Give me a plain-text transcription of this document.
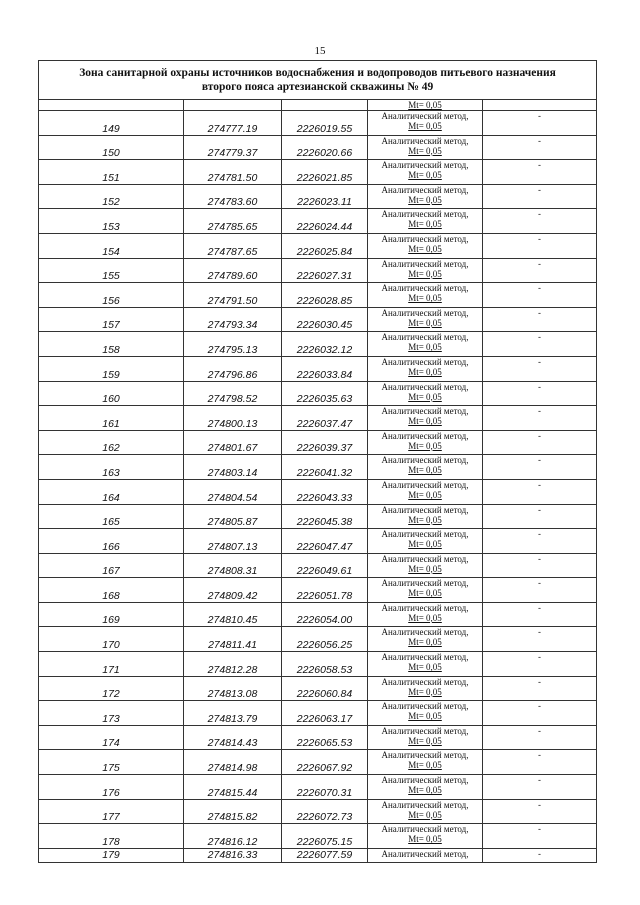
15
Зона санитарной охраны источников водоснабжения и водопроводов питьевого назначения
второго пояса артезианской скважины № 49				

			Mt= 0,05	

149	274777.19	2226019.55	Аналитический метод,
Mt= 0,05	-
150	274779.37	2226020.66	Аналитический метод,
Mt= 0,05	-
151	274781.50	2226021.85	Аналитический метод,
Mt= 0,05	-
152	274783.60	2226023.11	Аналитический метод,
Mt= 0,05	-
153	274785.65	2226024.44	Аналитический метод,
Mt= 0,05	-
154	274787.65	2226025.84	Аналитический метод,
Mt= 0,05	-
155	274789.60	2226027.31	Аналитический метод,
Mt= 0,05	-
156	274791.50	2226028.85	Аналитический метод,
Mt= 0,05	-
157	274793.34	2226030.45	Аналитический метод,
Mt= 0,05	-
158	274795.13	2226032.12	Аналитический метод,
Mt= 0,05	-
159	274796.86	2226033.84	Аналитический метод,
Mt= 0,05	-
160	274798.52	2226035.63	Аналитический метод,
Mt= 0,05	-
161	274800.13	2226037.47	Аналитический метод,
Mt= 0,05	-
162	274801.67	2226039.37	Аналитический метод,
Mt= 0,05	-
163	274803.14	2226041.32	Аналитический метод,
Mt= 0,05	-
164	274804.54	2226043.33	Аналитический метод,
Mt= 0,05	-
165	274805.87	2226045.38	Аналитический метод,
Mt= 0,05	-
166	274807.13	2226047.47	Аналитический метод,
Mt= 0,05	-
167	274808.31	2226049.61	Аналитический метод,
Mt= 0,05	-
168	274809.42	2226051.78	Аналитический метод,
Mt= 0,05	-
169	274810.45	2226054.00	Аналитический метод,
Mt= 0,05	-
170	274811.41	2226056.25	Аналитический метод,
Mt= 0,05	-
171	274812.28	2226058.53	Аналитический метод,
Mt= 0,05	-
172	274813.08	2226060.84	Аналитический метод,
Mt= 0,05	-
173	274813.79	2226063.17	Аналитический метод,
Mt= 0,05	-
174	274814.43	2226065.53	Аналитический метод,
Mt= 0,05	-
175	274814.98	2226067.92	Аналитический метод,
Mt= 0,05	-
176	274815.44	2226070.31	Аналитический метод,
Mt= 0,05	-
177	274815.82	2226072.73	Аналитический метод,
Mt= 0,05	-
178	274816.12	2226075.15	Аналитический метод,
Mt= 0,05	-
179	274816.33	2226077.59	Аналитический метод,	-
